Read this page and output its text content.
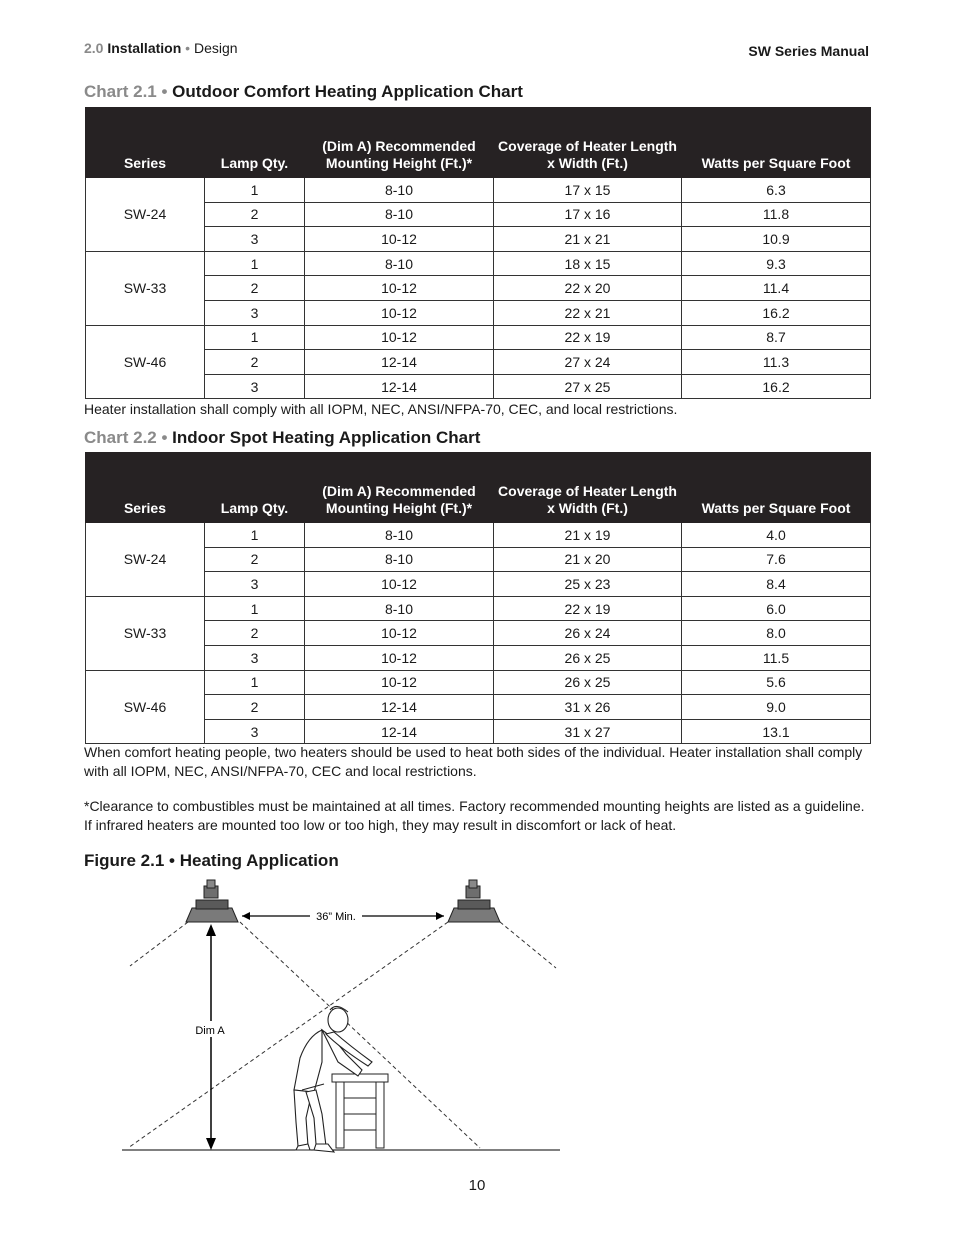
2.0 Installation • Design	SW Series Manual
Chart 2.1 • Outdoor Comfort Heating Application Chart
Series	Lamp Qty.	(Dim A) Recommended Mounting Height (Ft.)*	Coverage of Heater Length x Width (Ft.)	Watts per Square Foot
SW-24	1	8-10	17 x 15	6.3
	2	8-10	17 x 16	11.8
	3	10-12	21 x 21	10.9
SW-33	1	8-10	18 x 15	9.3
	2	10-12	22 x 20	11.4
	3	10-12	22 x 21	16.2
SW-46	1	10-12	22 x 19	8.7
	2	12-14	27 x 24	11.3
	3	12-14	27 x 25	16.2
Heater installation shall comply with all IOPM, NEC, ANSI/NFPA-70, CEC, and local restrictions.
Chart 2.2 • Indoor Spot Heating Application Chart
Series	Lamp Qty.	(Dim A) Recommended Mounting Height (Ft.)*	Coverage of Heater Length x Width (Ft.)	Watts per Square Foot
SW-24	1	8-10	21 x 19	4.0
	2	8-10	21 x 20	7.6
	3	10-12	25 x 23	8.4
SW-33	1	8-10	22 x 19	6.0
	2	10-12	26 x 24	8.0
	3	10-12	26 x 25	11.5
SW-46	1	10-12	26 x 25	5.6
	2	12-14	31 x 26	9.0
	3	12-14	31 x 27	13.1
When comfort heating people, two heaters should be used to heat both sides of the individual. Heater installation shall comply with all IOPM, NEC, ANSI/NFPA-70, CEC and local restrictions.
*Clearance to combustibles must be maintained at all times. Factory recommended mounting heights are listed as a guideline. If infrared heaters are mounted too low or too high, they may result in discomfort or lack of heat.
Figure 2.1 • Heating Application
36” Min.
Dim A
10
